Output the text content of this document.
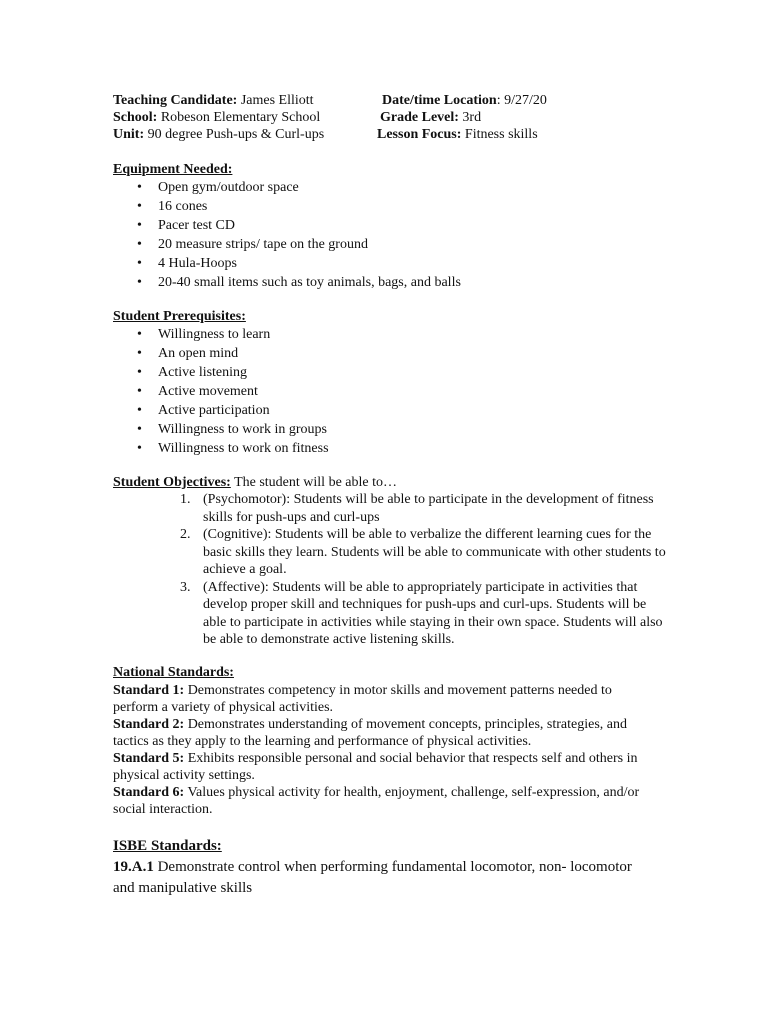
Teaching Candidate: James Elliott	Date/time Location: 9/27/20
School: Robeson Elementary School	Grade Level: 3rd
Unit: 90 degree Push-ups & Curl-ups	Lesson Focus: Fitness skills
Equipment Needed:
• Open gym/outdoor space
• 16 cones
• Pacer test CD
• 20 measure strips/ tape on the ground
• 4 Hula-Hoops
• 20-40 small items such as toy animals, bags, and balls
Student Prerequisites:
• Willingness to learn
• An open mind
• Active listening
• Active movement
• Active participation
• Willingness to work in groups
• Willingness to work on fitness
Student Objectives: The student will be able to…
1. (Psychomotor): Students will be able to participate in the development of fitness skills for push-ups and curl-ups
2. (Cognitive): Students will be able to verbalize the different learning cues for the basic skills they learn. Students will be able to communicate with other students to achieve a goal.
3. (Affective): Students will be able to appropriately participate in activities that develop proper skill and techniques for push-ups and curl-ups. Students will be able to participate in activities while staying in their own space. Students will also be able to demonstrate active listening skills.
National Standards:

Standard 1: Demonstrates competency in motor skills and movement patterns needed to perform a variety of physical activities.

Standard 2: Demonstrates understanding of movement concepts, principles, strategies, and tactics as they apply to the learning and performance of physical activities.

Standard 5: Exhibits responsible personal and social behavior that respects self and others in physical activity settings.

Standard 6: Values physical activity for health, enjoyment, challenge, self-expression, and/or social interaction.

ISBE Standards:
19.A.1 Demonstrate control when performing fundamental locomotor, non- locomotor and manipulative skills
